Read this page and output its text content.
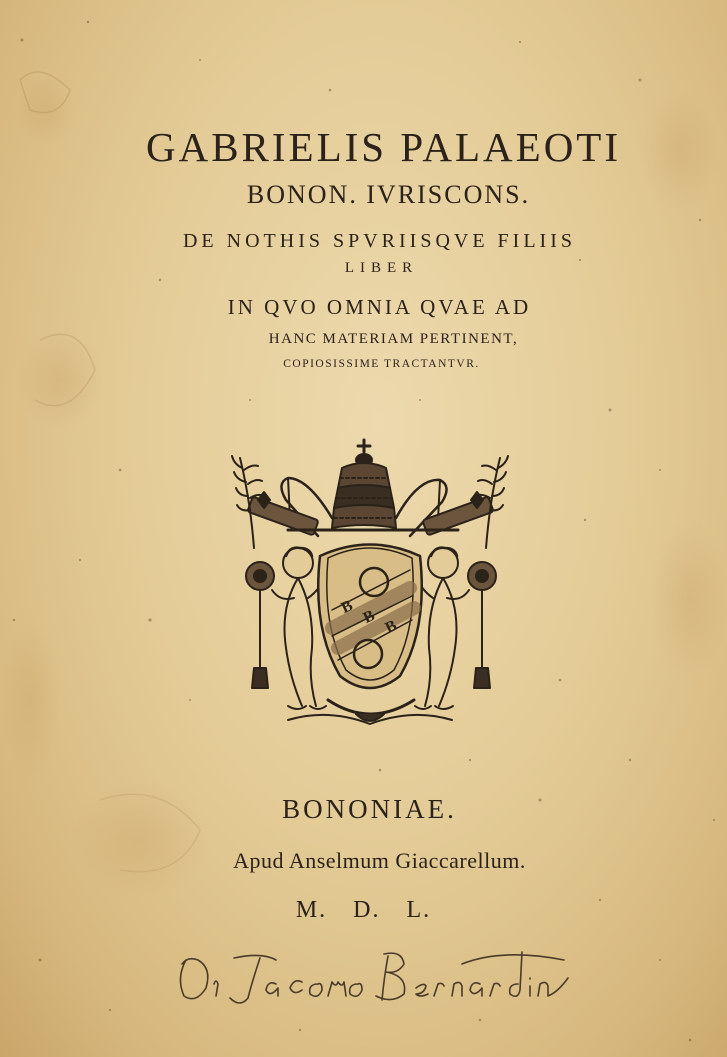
GABRIELIS PALAEOTI
BONON. IVRISCONS.
DE NOTHIS SPVRIISQVE FILIIS
LIBER
IN QVO OMNIA QVAE AD
HANC MATERIAM PERTINENT,
COPIOSISSIME TRACTANTVR.
B
B
B
BONONIAE.
Apud Anselmum Giaccarellum.
M. D. L.
